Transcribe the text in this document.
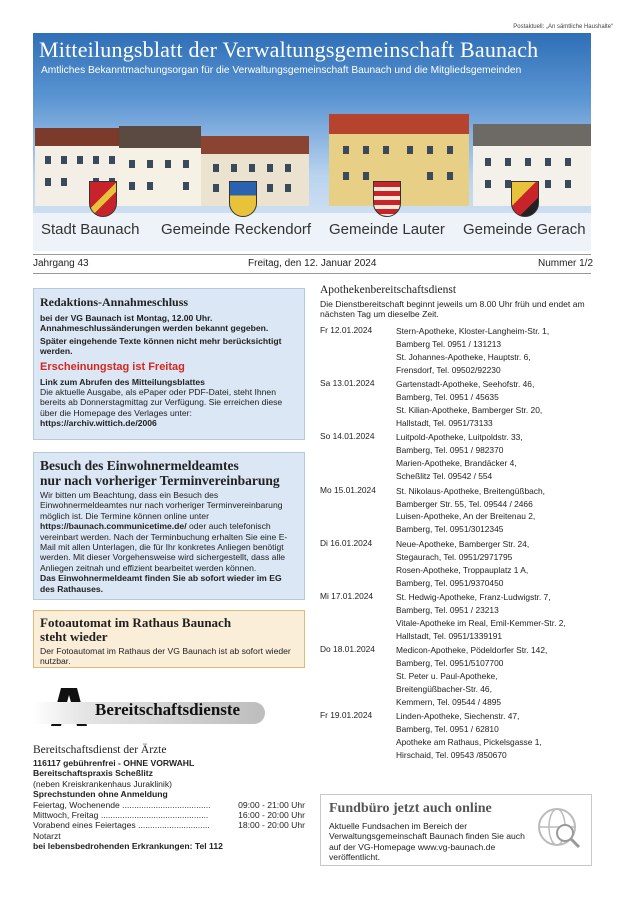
Postaktuell: „An sämtliche Haushalte“
Mitteilungsblatt der Verwaltungsgemeinschaft Baunach
Amtliches Bekanntmachungsorgan für die Verwaltungsgemeinschaft Baunach und die Mitgliedsgemeinden
Stadt Baunach Gemeinde Reckendorf Gemeinde Lauter Gemeinde Gerach
Jahrgang 43	Freitag, den 12. Januar 2024	Nummer 1/2
Redaktions-Annahmeschluss
bei der VG Baunach ist Montag, 12.00 Uhr.
Annahmeschlussänderungen werden bekannt gegeben.
Später eingehende Texte können nicht mehr berücksichtigt werden.
Erscheinungstag ist Freitag
Link zum Abrufen des Mitteilungsblattes
Die aktuelle Ausgabe, als ePaper oder PDF-Datei, steht Ihnen bereits ab Donnerstagmittag zur Verfügung. Sie erreichen diese über die Homepage des Verlages unter:
https://archiv.wittich.de/2006
Besuch des Einwohnermeldeamtes
nur nach vorheriger Terminvereinbarung
Wir bitten um Beachtung, dass ein Besuch des Einwohnermeldeamtes nur nach vorheriger Terminvereinbarung möglich ist. Die Termine können online unter https://baunach.communicetime.de/ oder auch telefonisch vereinbart werden. Nach der Terminbuchung erhalten Sie eine E-Mail mit allen Unterlagen, die für Ihr konkretes Anliegen benötigt werden. Mit dieser Vorgehensweise wird sichergestellt, dass alle Anliegen zeitnah und effizient bearbeitet werden können.
Das Einwohnermeldeamt finden Sie ab sofort wieder im EG des Rathauses.
Fotoautomat im Rathaus Baunach
steht wieder
Der Fotoautomat im Rathaus der VG Baunach ist ab sofort wieder nutzbar.
Bereitschaftsdienste
Bereitschaftsdienst der Ärzte
116117 gebührenfrei - OHNE VORWAHL
Bereitschaftspraxis Scheßlitz
(neben Kreiskrankenhaus Juraklinik)
Sprechstunden ohne Anmeldung
Feiertag, Wochenende .....................................	09:00 - 21:00 Uhr
Mittwoch, Freitag .............................................	16:00 - 20:00 Uhr
Vorabend eines Feiertages ..............................	18:00 - 20:00 Uhr
Notarzt
bei lebensbedrohenden Erkrankungen: Tel 112
Apothekenbereitschaftsdienst
Die Dienstbereitschaft beginnt jeweils um 8.00 Uhr früh und endet am nächsten Tag um dieselbe Zeit.
Fr 12.01.2024	Stern-Apotheke, Kloster-Langheim-Str. 1,
Bamberg Tel. 0951 / 131213
St. Johannes-Apotheke, Hauptstr. 6,
Frensdorf, Tel. 09502/92230
Sa 13.01.2024	Gartenstadt-Apotheke, Seehofstr. 46,
Bamberg, Tel. 0951 / 45635
St. Kilian-Apotheke, Bamberger Str. 20,
Hallstadt, Tel. 0951/73133
So 14.01.2024	Luitpold-Apotheke, Luitpoldstr. 33,
Bamberg, Tel. 0951 / 982370
Marien-Apotheke, Brandäcker 4,
Scheßlitz Tel. 09542 / 554
Mo 15.01.2024	St. Nikolaus-Apotheke, Breitengüßbach,
Bamberger Str. 55, Tel. 09544 / 2466
Luisen-Apotheke, An der Breitenau 2,
Bamberg, Tel. 0951/3012345
Di 16.01.2024	Neue-Apotheke, Bamberger Str. 24,
Stegaurach, Tel. 0951/2971795
Rosen-Apotheke, Troppauplatz 1 A,
Bamberg, Tel. 0951/9370450
Mi 17.01.2024	St. Hedwig-Apotheke, Franz-Ludwigstr. 7,
Bamberg, Tel. 0951 / 23213
Vitale-Apotheke im Real, Emil-Kemmer-Str. 2,
Hallstadt, Tel. 0951/1339191
Do 18.01.2024	Medicon-Apotheke, Pödeldorfer Str. 142,
Bamberg, Tel. 0951/5107700
St. Peter u. Paul-Apotheke,
Breitengüßbacher-Str. 46,
Kemmern, Tel. 09544 / 4895
Fr 19.01.2024	Linden-Apotheke, Siechenstr. 47,
Bamberg, Tel. 0951 / 62810
Apotheke am Rathaus, Pickelsgasse 1,
Hirschaid, Tel. 09543 /850670
Fundbüro jetzt auch online
Aktuelle Fundsachen im Bereich der Verwaltungsgemeinschaft Baunach finden Sie auch auf der VG-Homepage www.vg-baunach.de veröffentlicht.
